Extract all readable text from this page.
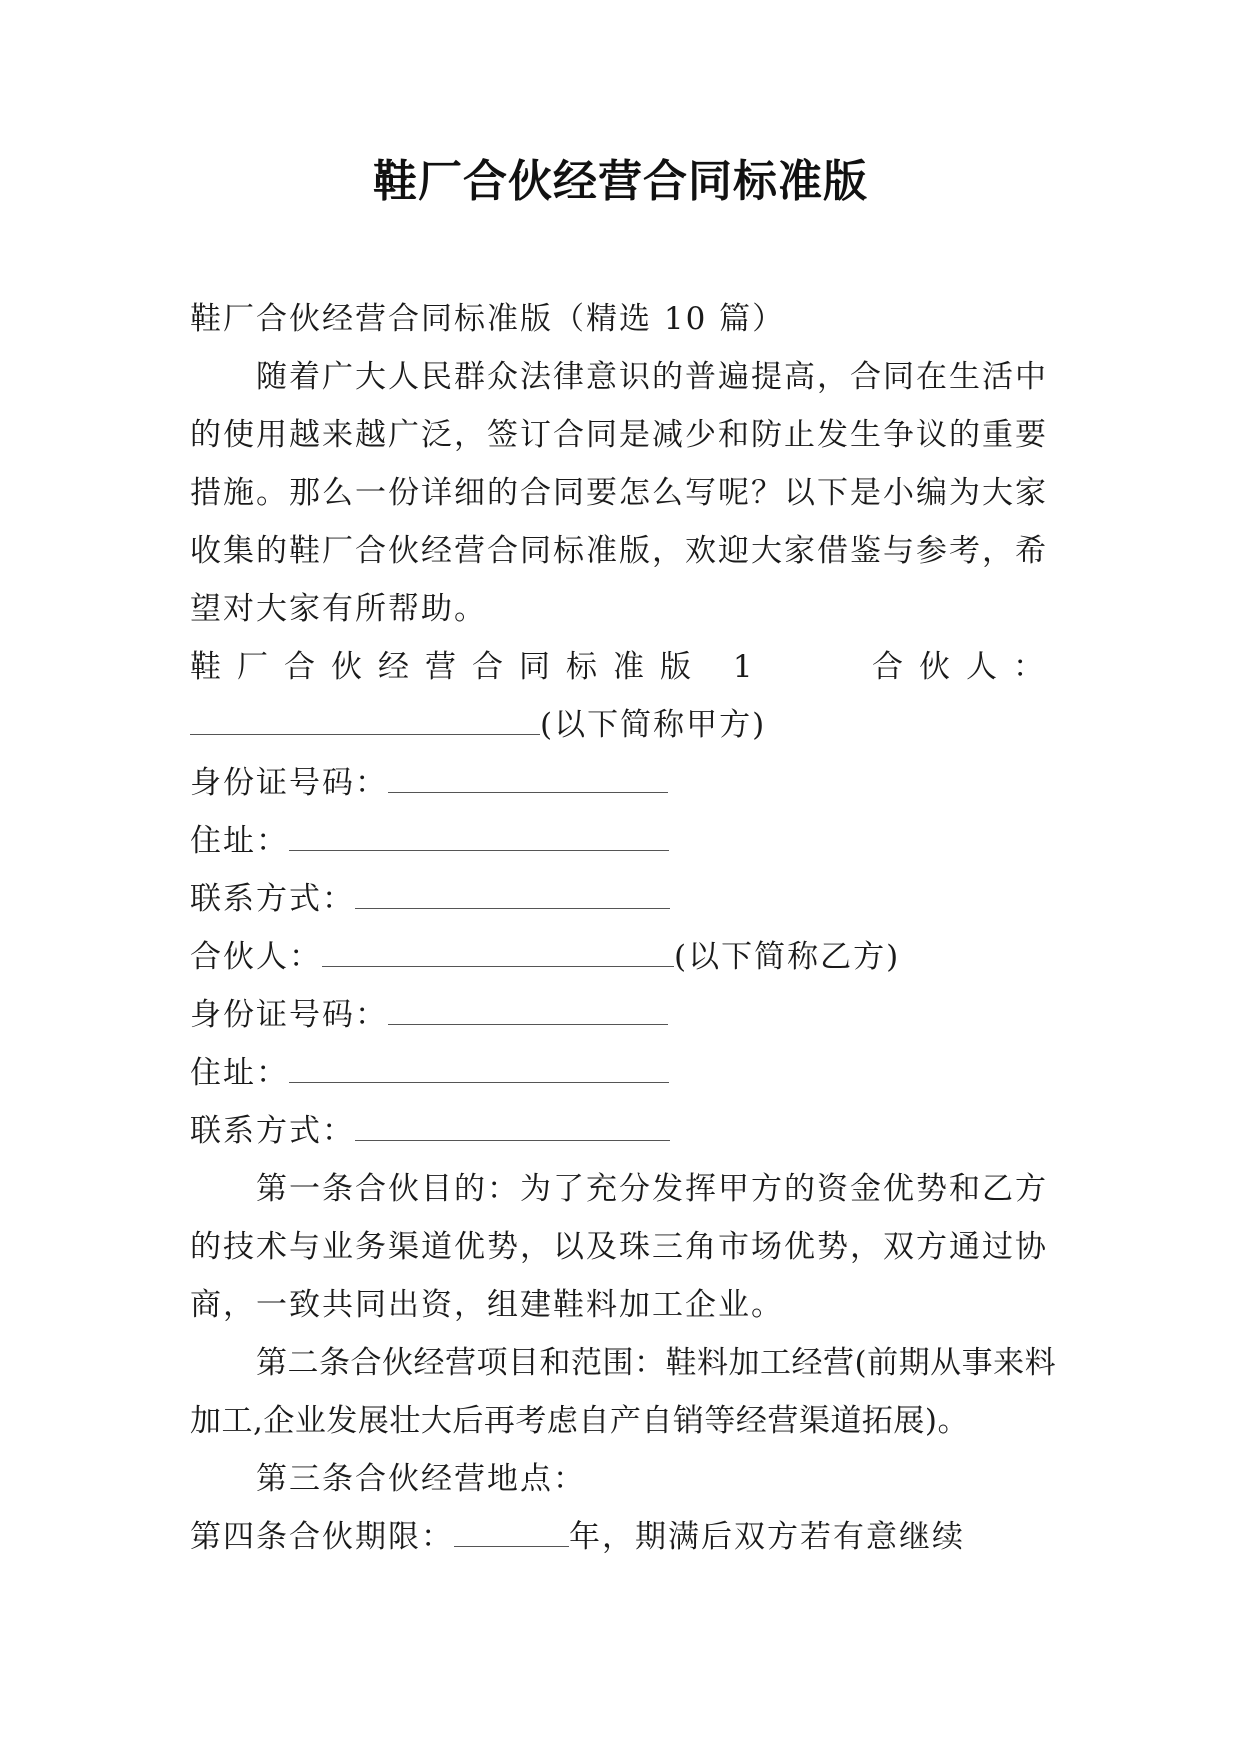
鞋厂合伙经营合同标准版

鞋厂合伙经营合同标准版（精选 10 篇）

随着广大人民群众法律意识的普遍提高，合同在生活中的使用越来越广泛，签订合同是减少和防止发生争议的重要措施。那么一份详细的合同要怎么写呢？以下是小编为大家收集的鞋厂合伙经营合同标准版，欢迎大家借鉴与参考，希望对大家有所帮助。

鞋厂合伙经营合同标准版 1	合伙人：

(以下简称甲方)

身份证号码：

住址：

联系方式：

合伙人：	(以下简称乙方)

身份证号码：

住址：

联系方式：

第一条合伙目的：为了充分发挥甲方的资金优势和乙方的技术与业务渠道优势，以及珠三角市场优势，双方通过协商，一致共同出资，组建鞋料加工企业。

第二条合伙经营项目和范围：鞋料加工经营(前期从事来料加工,企业发展壮大后再考虑自产自销等经营渠道拓展)。

第三条合伙经营地点：

第四条合伙期限：	年，期满后双方若有意继续
